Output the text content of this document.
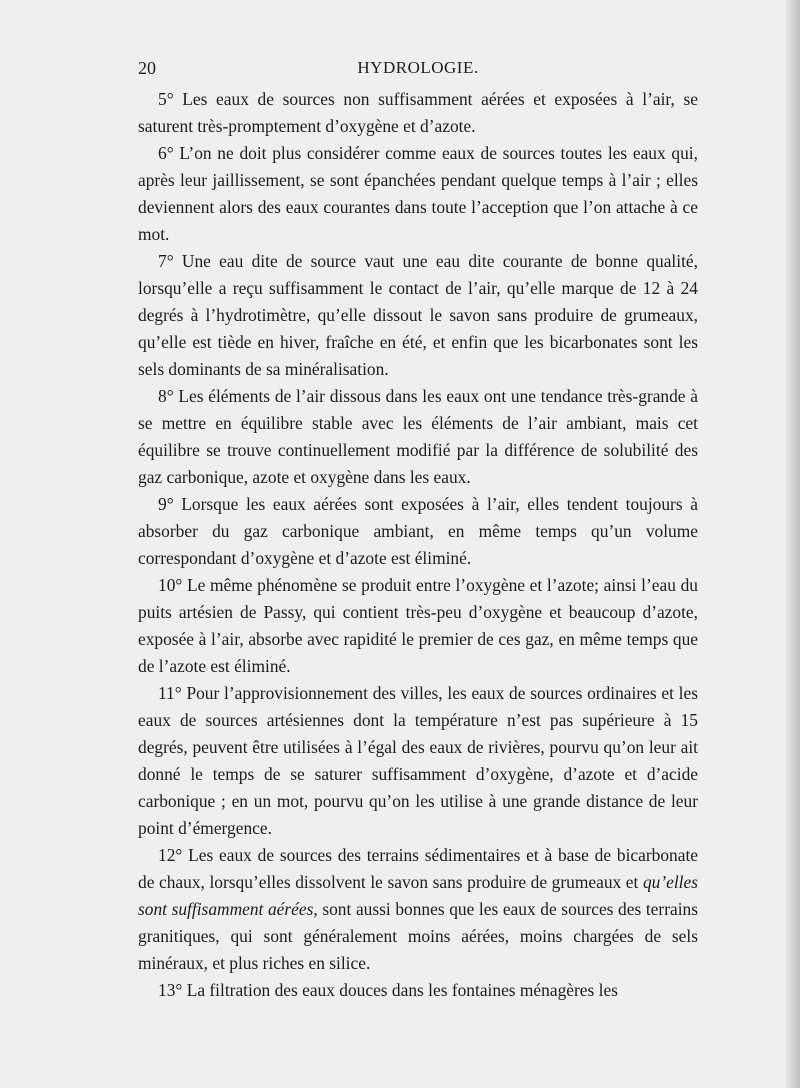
20	HYDROLOGIE.

5° Les eaux de sources non suffisamment aérées et exposées à l’air, se saturent très-promptement d’oxygène et d’azote.

6° L’on ne doit plus considérer comme eaux de sources toutes les eaux qui, après leur jaillissement, se sont épanchées pendant quelque temps à l’air ; elles deviennent alors des eaux courantes dans toute l’acception que l’on attache à ce mot.

7° Une eau dite de source vaut une eau dite courante de bonne qualité, lorsqu’elle a reçu suffisamment le contact de l’air, qu’elle marque de 12 à 24 degrés à l’hydrotimètre, qu’elle dissout le savon sans produire de grumeaux, qu’elle est tiède en hiver, fraîche en été, et enfin que les bicarbonates sont les sels dominants de sa minéralisation.

8° Les éléments de l’air dissous dans les eaux ont une tendance très-grande à se mettre en équilibre stable avec les éléments de l’air ambiant, mais cet équilibre se trouve continuellement modifié par la différence de solubilité des gaz carbonique, azote et oxygène dans les eaux.

9° Lorsque les eaux aérées sont exposées à l’air, elles tendent toujours à absorber du gaz carbonique ambiant, en même temps qu’un volume correspondant d’oxygène et d’azote est éliminé.

10° Le même phénomène se produit entre l’oxygène et l’azote; ainsi l’eau du puits artésien de Passy, qui contient très-peu d’oxygène et beaucoup d’azote, exposée à l’air, absorbe avec rapidité le premier de ces gaz, en même temps que de l’azote est éliminé.

11° Pour l’approvisionnement des villes, les eaux de sources ordinaires et les eaux de sources artésiennes dont la température n’est pas supérieure à 15 degrés, peuvent être utilisées à l’égal des eaux de rivières, pourvu qu’on leur ait donné le temps de se saturer suffisamment d’oxygène, d’azote et d’acide carbonique ; en un mot, pourvu qu’on les utilise à une grande distance de leur point d’émergence.

12° Les eaux de sources des terrains sédimentaires et à base de bicarbonate de chaux, lorsqu’elles dissolvent le savon sans produire de grumeaux et qu’elles sont suffisamment aérées, sont aussi bonnes que les eaux de sources des terrains granitiques, qui sont généralement moins aérées, moins chargées de sels minéraux, et plus riches en silice.

13° La filtration des eaux douces dans les fontaines ménagères les
